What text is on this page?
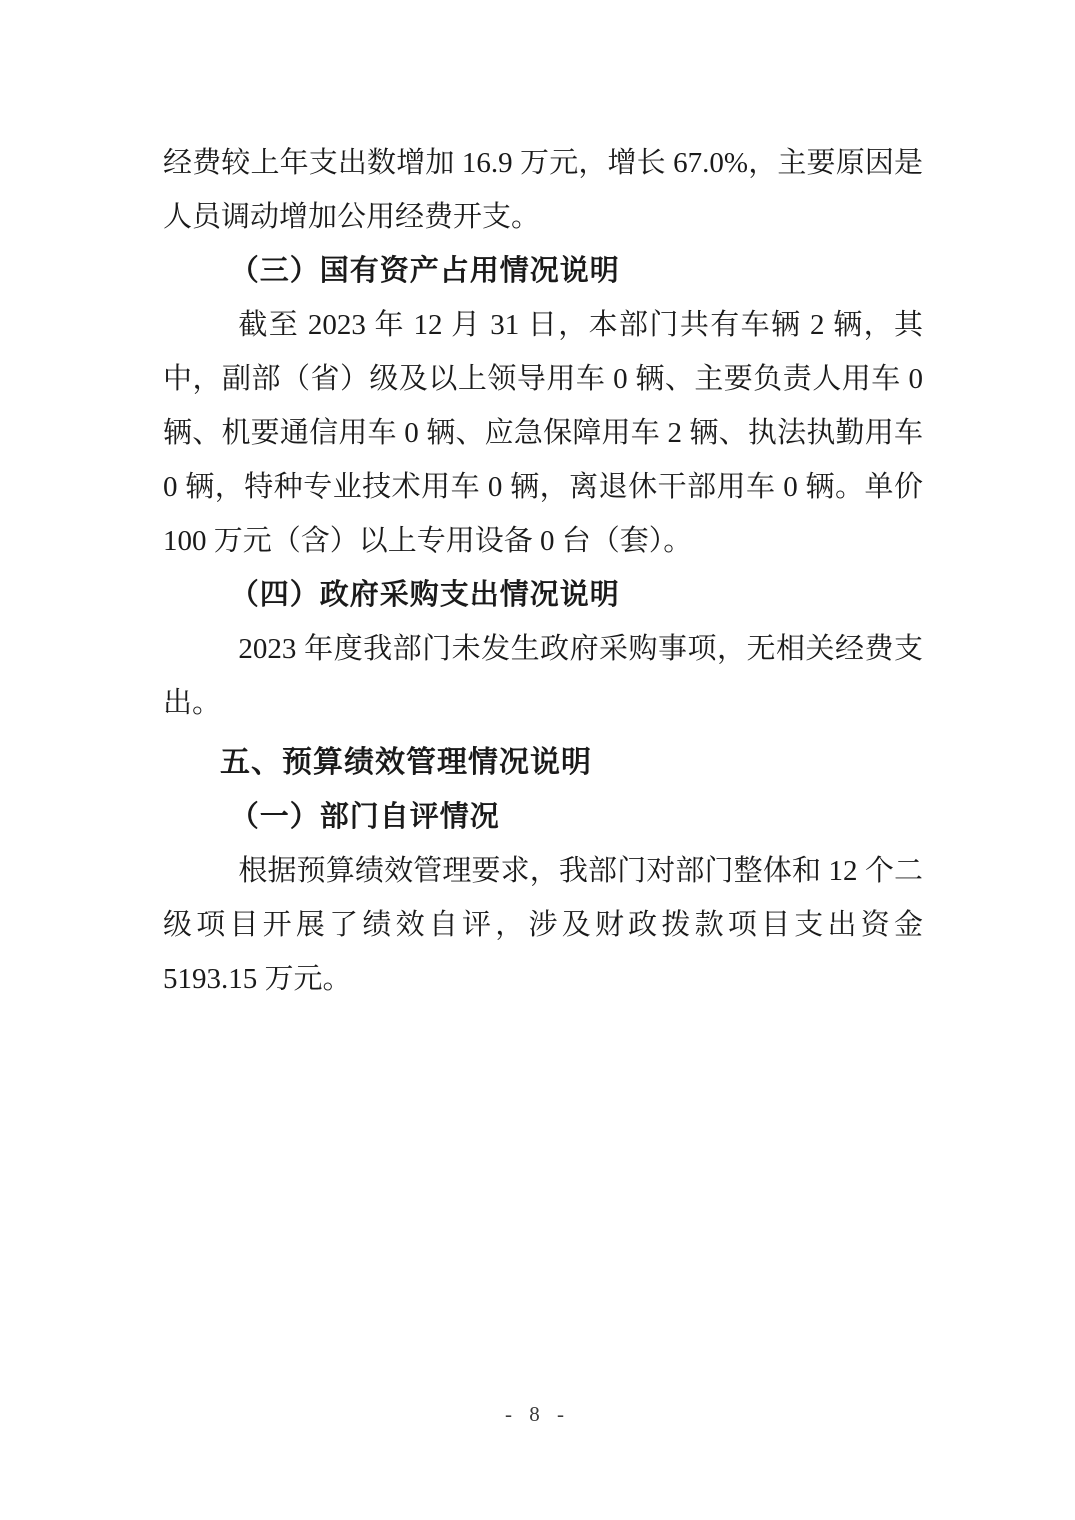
经费较上年支出数增加 16.9 万元，增长 67.0%，主要原因是人员调动增加公用经费开支。

（三）国有资产占用情况说明

截至 2023 年 12 月 31 日，本部门共有车辆 2 辆，其中，副部（省）级及以上领导用车 0 辆、主要负责人用车 0 辆、机要通信用车 0 辆、应急保障用车 2 辆、执法执勤用车 0 辆，特种专业技术用车 0 辆，离退休干部用车 0 辆。单价 100 万元（含）以上专用设备 0 台（套）。

（四）政府采购支出情况说明

2023 年度我部门未发生政府采购事项，无相关经费支出。

五、预算绩效管理情况说明
（一）部门自评情况

根据预算绩效管理要求，我部门对部门整体和 12 个二级项目开展了绩效自评，涉及财政拨款项目支出资金 5193.15 万元。

- 8 -
